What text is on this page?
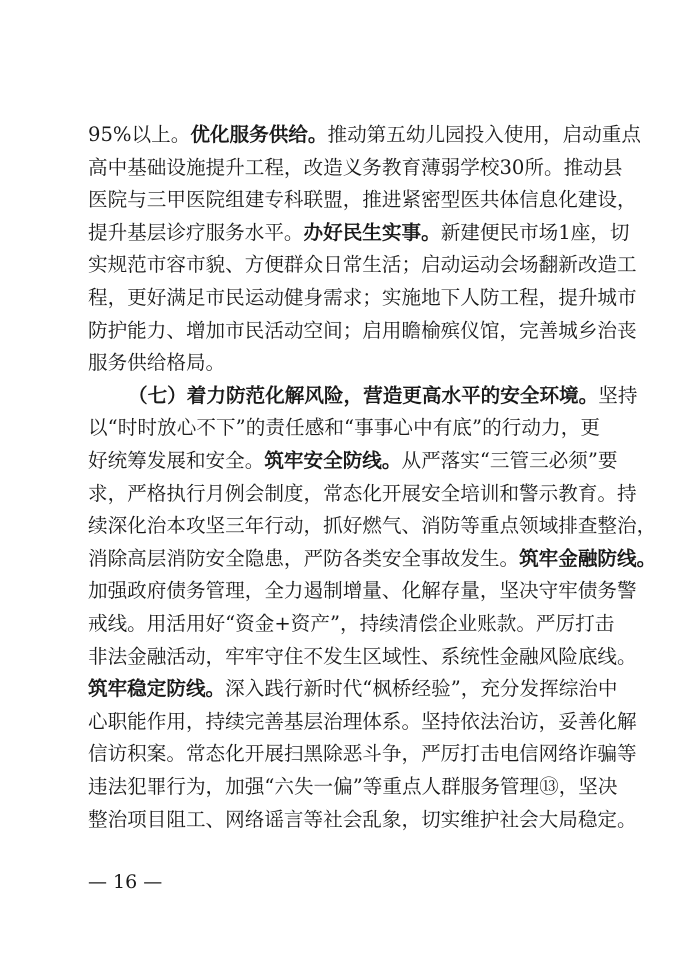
95%以上。优化服务供给。推动第五幼儿园投入使用，启动重点
高中基础设施提升工程，改造义务教育薄弱学校30所。推动县
医院与三甲医院组建专科联盟，推进紧密型医共体信息化建设，
提升基层诊疗服务水平。办好民生实事。新建便民市场1座，切
实规范市容市貌、方便群众日常生活；启动运动会场翻新改造工
程，更好满足市民运动健身需求；实施地下人防工程，提升城市
防护能力、增加市民活动空间；启用瞻榆殡仪馆，完善城乡治丧
服务供给格局。
（七）着力防范化解风险，营造更高水平的安全环境。坚持
以“时时放心不下”的责任感和“事事心中有底”的行动力，更
好统筹发展和安全。筑牢安全防线。从严落实“三管三必须”要
求，严格执行月例会制度，常态化开展安全培训和警示教育。持
续深化治本攻坚三年行动，抓好燃气、消防等重点领域排查整治，
消除高层消防安全隐患，严防各类安全事故发生。筑牢金融防线。
加强政府债务管理，全力遏制增量、化解存量，坚决守牢债务警
戒线。用活用好“资金+资产”，持续清偿企业账款。严厉打击
非法金融活动，牢牢守住不发生区域性、系统性金融风险底线。
筑牢稳定防线。深入践行新时代“枫桥经验”，充分发挥综治中
心职能作用，持续完善基层治理体系。坚持依法治访，妥善化解
信访积案。常态化开展扫黑除恶斗争，严厉打击电信网络诈骗等
违法犯罪行为，加强“六失一偏”等重点人群服务管理⑬，坚决
整治项目阻工、网络谣言等社会乱象，切实维护社会大局稳定。
— 16 —
